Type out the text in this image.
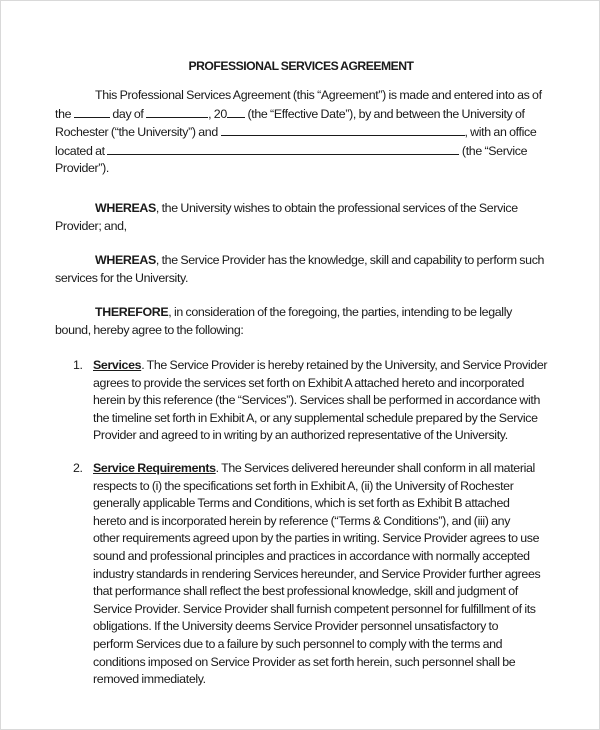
PROFESSIONAL SERVICES AGREEMENT
This Professional Services Agreement (this “Agreement”) is made and entered into as of
the	day of	, 20 (the “Effective Date”), by and between the University of
Rochester (“the University”) and	, with an office
located at	(the “Service
Provider”).
WHEREAS, the University wishes to obtain the professional services of the Service
Provider; and,
WHEREAS, the Service Provider has the knowledge, skill and capability to perform such
services for the University.
THEREFORE, in consideration of the foregoing, the parties, intending to be legally
bound, hereby agree to the following:
1. Services. The Service Provider is hereby retained by the University, and Service Provider
agrees to provide the services set forth on Exhibit A attached hereto and incorporated
herein by this reference (the “Services”). Services shall be performed in accordance with
the timeline set forth in Exhibit A, or any supplemental schedule prepared by the Service
Provider and agreed to in writing by an authorized representative of the University.
2. Service Requirements. The Services delivered hereunder shall conform in all material
respects to (i) the specifications set forth in Exhibit A, (ii) the University of Rochester
generally applicable Terms and Conditions, which is set forth as Exhibit B attached
hereto and is incorporated herein by reference (“Terms & Conditions”), and (iii) any
other requirements agreed upon by the parties in writing. Service Provider agrees to use
sound and professional principles and practices in accordance with normally accepted
industry standards in rendering Services hereunder, and Service Provider further agrees
that performance shall reflect the best professional knowledge, skill and judgment of
Service Provider. Service Provider shall furnish competent personnel for fulfillment of its
obligations. If the University deems Service Provider personnel unsatisfactory to
perform Services due to a failure by such personnel to comply with the terms and
conditions imposed on Service Provider as set forth herein, such personnel shall be
removed immediately.
